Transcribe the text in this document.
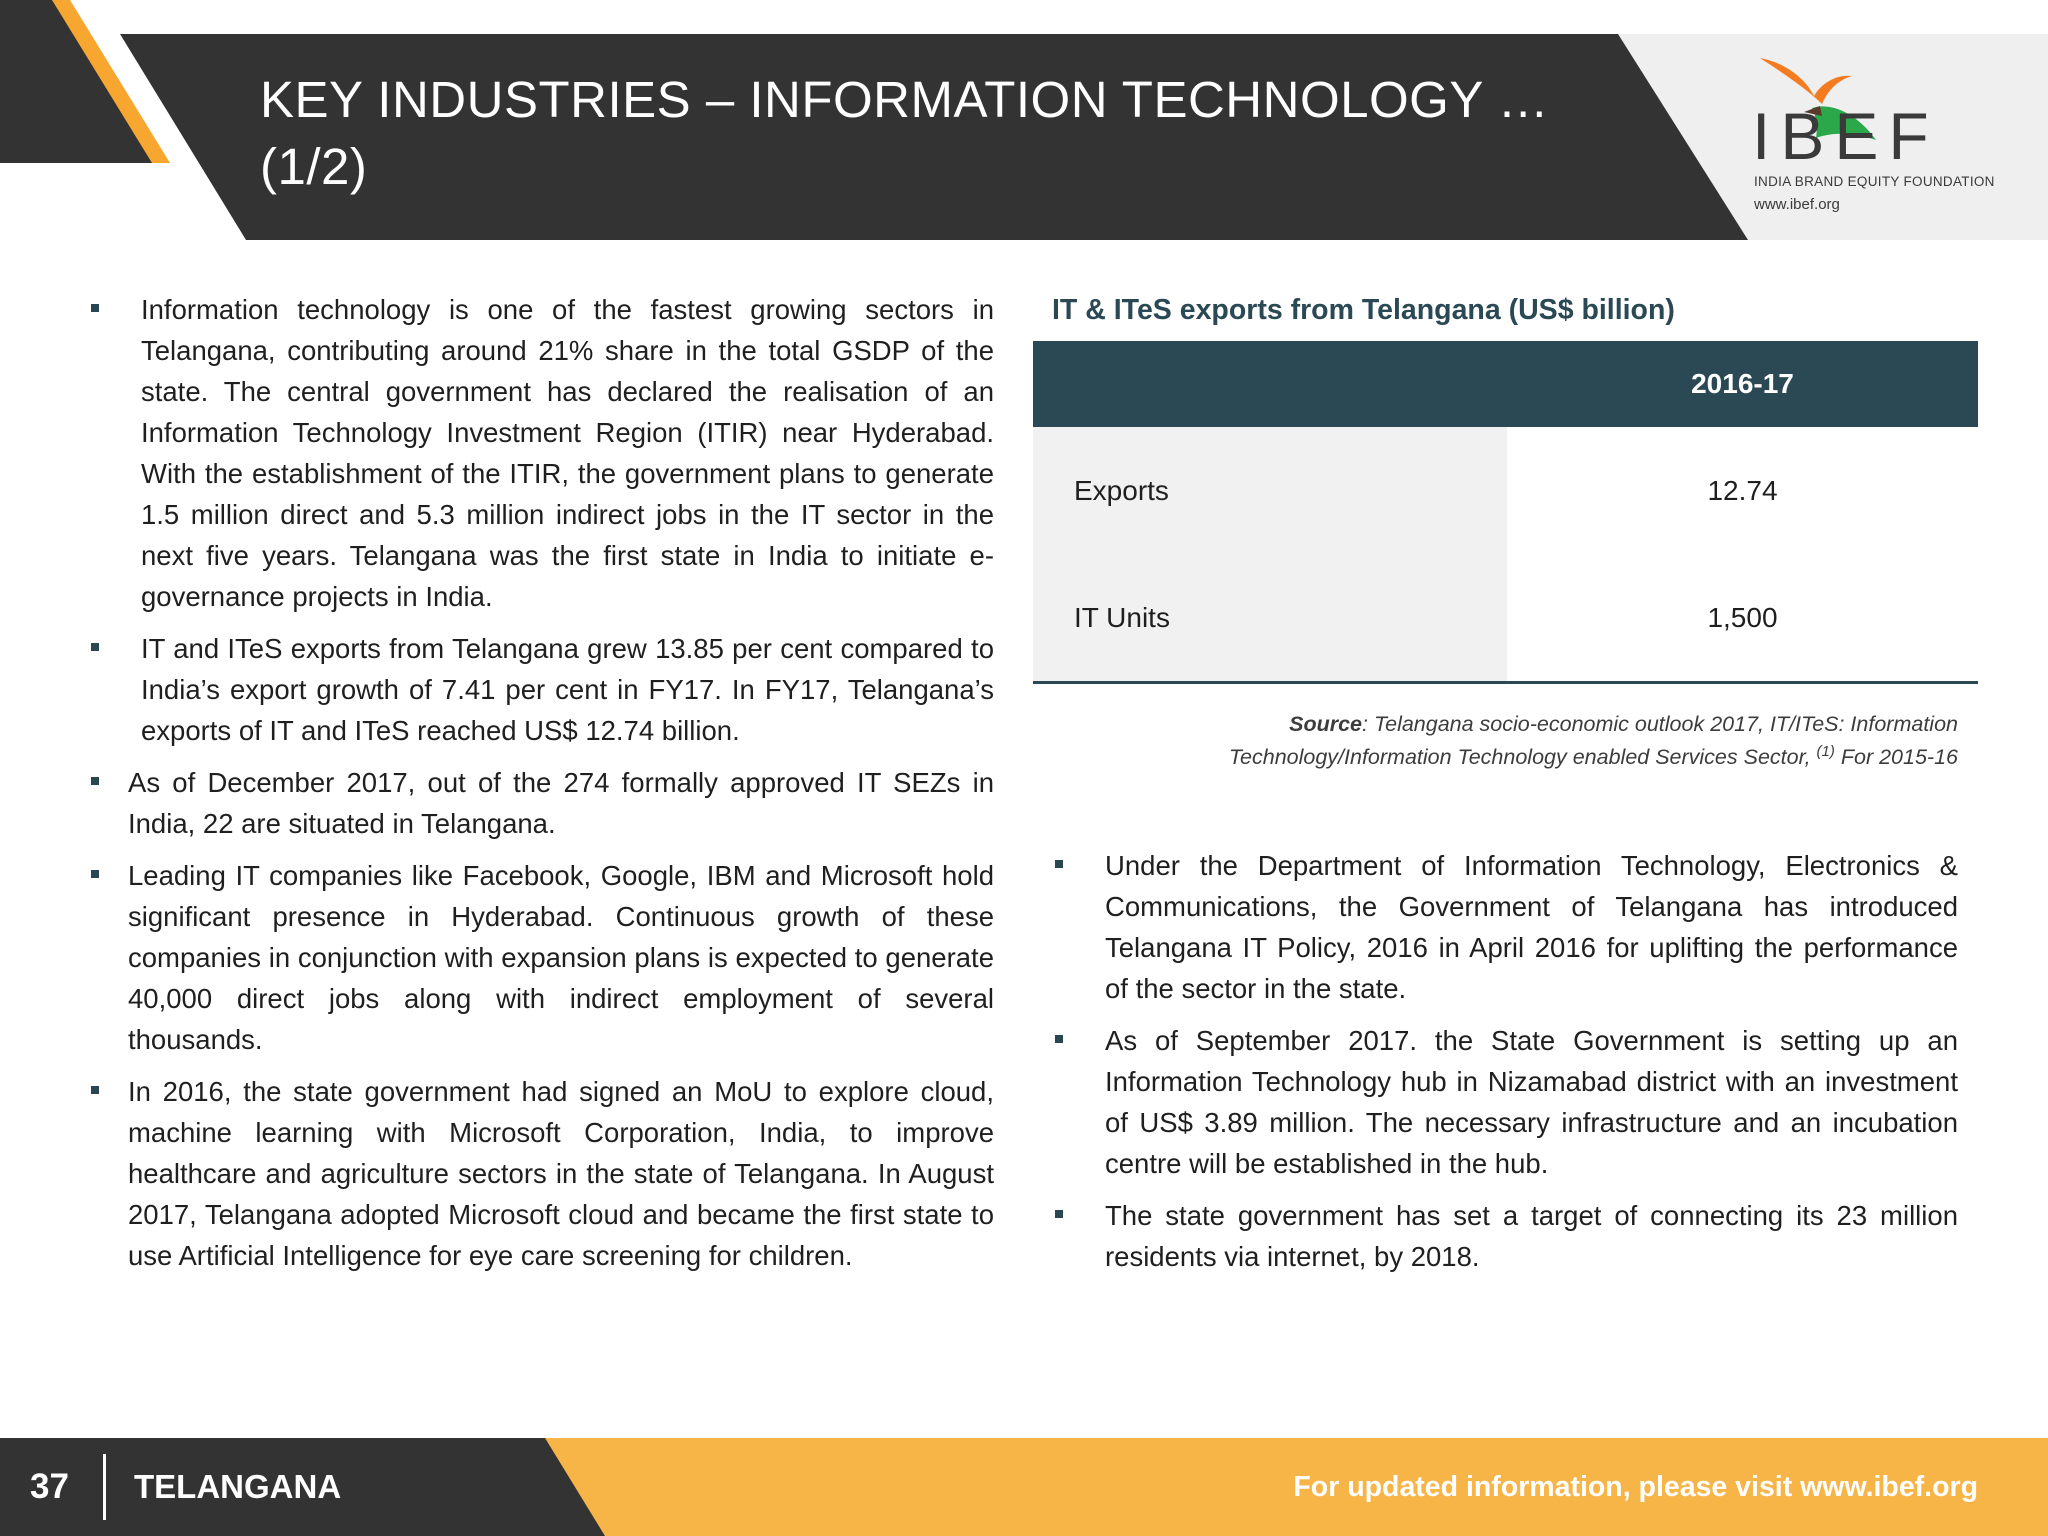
KEY INDUSTRIES – INFORMATION TECHNOLOGY …
(1/2)	IBEF
INDIA BRAND EQUITY FOUNDATION
www.ibef.org
Information technology is one of the fastest growing sectors in Telangana, contributing around 21% share in the total GSDP of the state. The central government has declared the realisation of an Information Technology Investment Region (ITIR) near Hyderabad. With the establishment of the ITIR, the government plans to generate 1.5 million direct and 5.3 million indirect jobs in the IT sector in the next five years. Telangana was the first state in India to initiate e-governance projects in India.
IT and ITeS exports from Telangana grew 13.85 per cent compared to India’s export growth of 7.41 per cent in FY17. In FY17, Telangana’s exports of IT and ITeS reached US$ 12.74 billion.
As of December 2017, out of the 274 formally approved IT SEZs in India, 22 are situated in Telangana.
Leading IT companies like Facebook, Google, IBM and Microsoft hold significant presence in Hyderabad. Continuous growth of these companies in conjunction with expansion plans is expected to generate 40,000 direct jobs along with indirect employment of several thousands.
In 2016, the state government had signed an MoU to explore cloud, machine learning with Microsoft Corporation, India, to improve healthcare and agriculture sectors in the state of Telangana. In August 2017, Telangana adopted Microsoft cloud and became the first state to use Artificial Intelligence for eye care screening for children.
IT & ITeS exports from Telangana (US$ billion)
2016-17
Exports	12.74
IT Units	1,500
Source: Telangana socio-economic outlook 2017, IT/ITeS: Information Technology/Information Technology enabled Services Sector, $^{(1)}$ For 2015-16
Under the Department of Information Technology, Electronics & Communications, the Government of Telangana has introduced Telangana IT Policy, 2016 in April 2016 for uplifting the performance of the sector in the state.
As of September 2017. the State Government is setting up an Information Technology hub in Nizamabad district with an investment of US$ 3.89 million. The necessary infrastructure and an incubation centre will be established in the hub.
The state government has set a target of connecting its 23 million residents via internet, by 2018.
37 TELANGANA	For updated information, please visit www.ibef.org
